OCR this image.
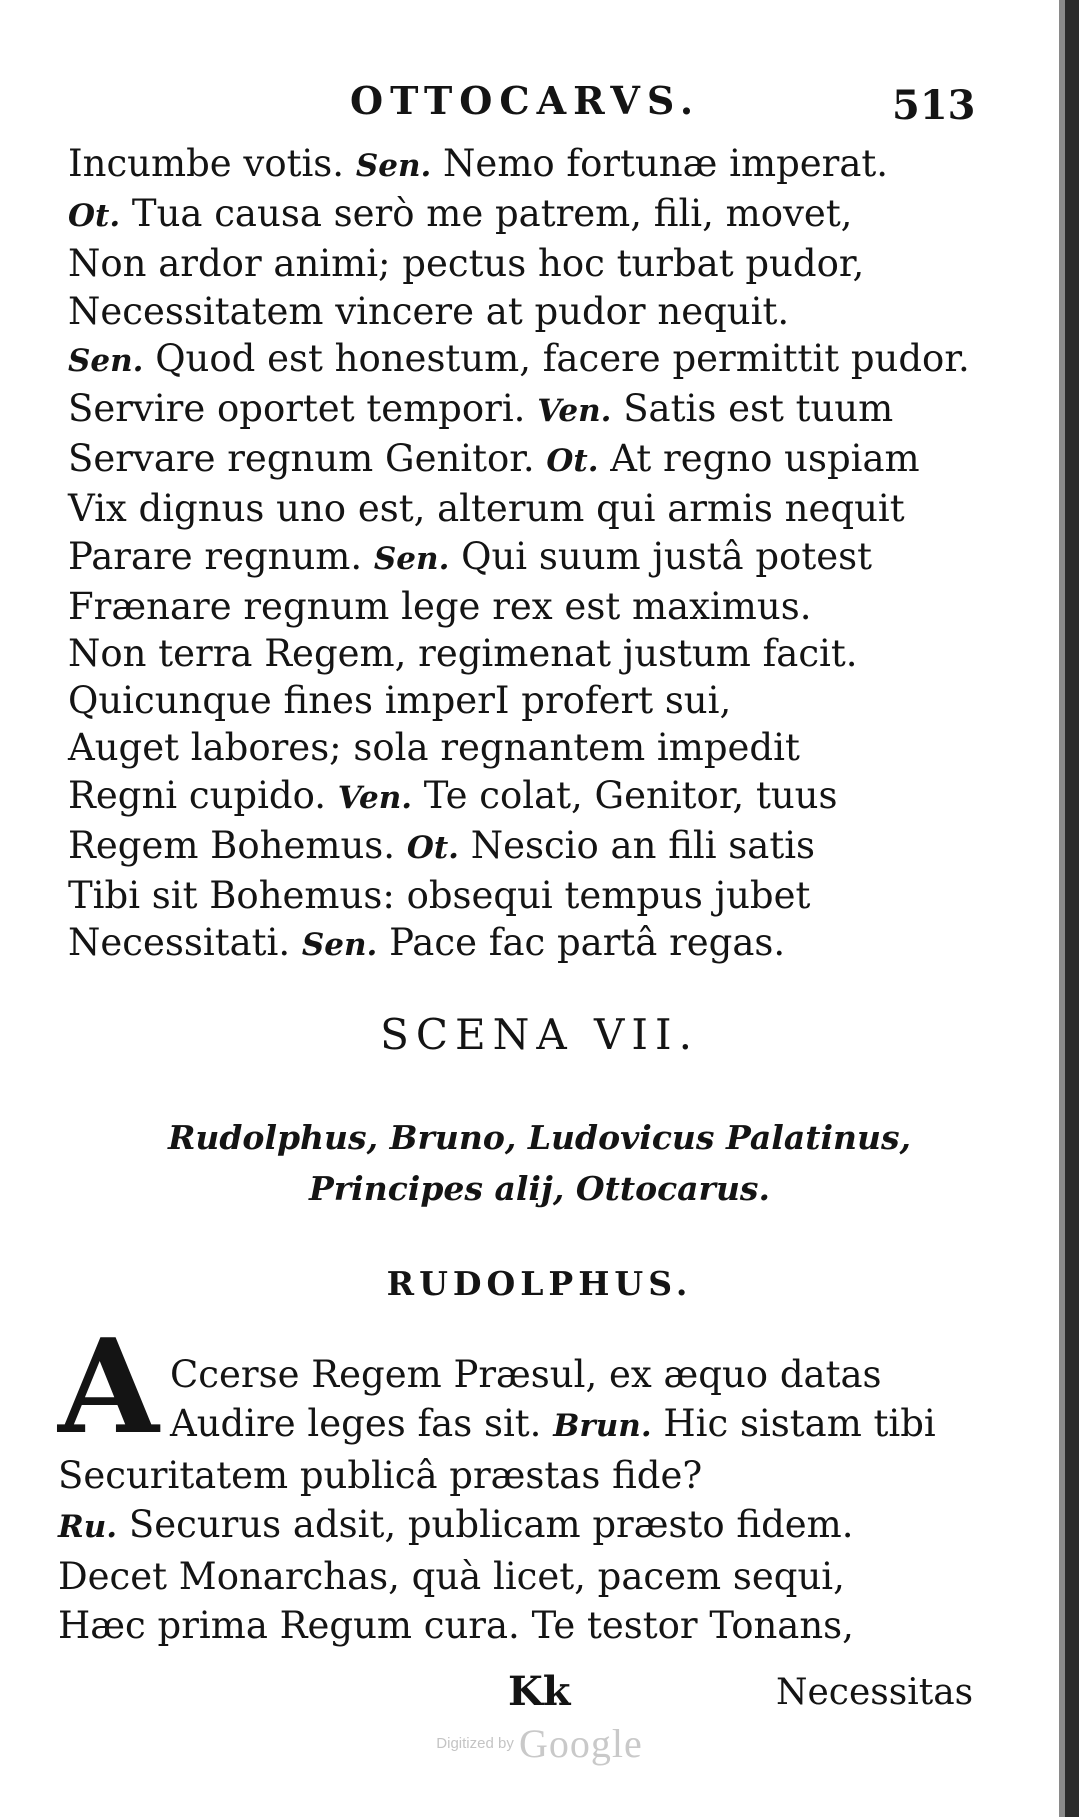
OTTOCARVS.	513
Incumbe votis. Sen. Nemo fortunæ imperat.
Ot. Tua causa serò me patrem, fili, movet,
Non ardor animi; pectus hoc turbat pudor,
Necessitatem vincere at pudor nequit.
Sen. Quod est honestum, facere permittit pudor.
Servire oportet tempori. Ven. Satis est tuum
Servare regnum Genitor. Ot. At regno uspiam
Vix dignus uno est, alterum qui armis nequit
Parare regnum. Sen. Qui suum justâ potest
Frænare regnum lege rex est maximus.
Non terra Regem, regimenat justum facit.
Quicunque fines imperI profert sui,
Auget labores; sola regnantem impedit
Regni cupido. Ven. Te colat, Genitor, tuus
Regem Bohemus. Ot. Nescio an fili satis
Tibi sit Bohemus: obsequi tempus jubet
Necessitati. Sen. Pace fac partâ regas.
SCENA VII.
Rudolphus, Bruno, Ludovicus Palatinus,
Principes alij, Ottocarus.
RUDOLPHUS.
A Ccerse Regem Præsul, ex æquo datas
Audire leges fas sit. Brun. Hic sistam tibi
Securitatem publicâ præstas fide?
Ru. Securus adsit, publicam præsto fidem.
Decet Monarchas, quà licet, pacem sequi,
Hæc prima Regum cura. Te testor Tonans,
Kk	Necessitas
Digitized by Google
